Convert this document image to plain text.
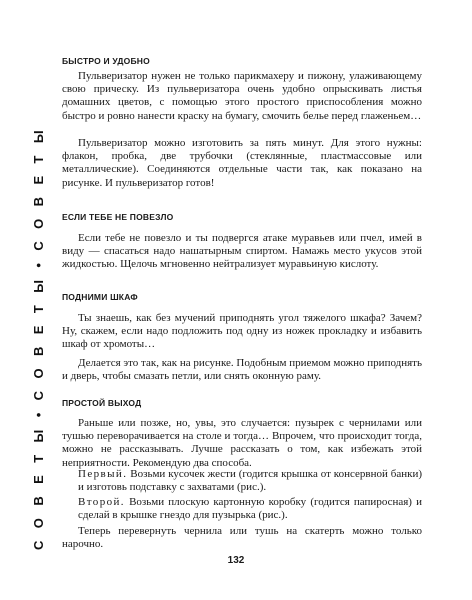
С О В Е Т Ы • С О В Е Т Ы • С О В Е Т Ы
БЫСТРО И УДОБНО

Пульверизатор нужен не только парикмахеру и пижону, улаживающему свою прическу. Из пульверизатора очень удобно опрыскивать листья домашних цветов, с помощью этого простого приспособления можно быстро и ровно нанести краску на бумагу, смочить белье перед глаженьем…

Пульверизатор можно изготовить за пять минут. Для этого нужны: флакон, пробка, две трубочки (стеклянные, пластмассовые или металлические). Соединяются отдельные части так, как показано на рисунке. И пульверизатор готов!

ЕСЛИ ТЕБЕ НЕ ПОВЕЗЛО

Если тебе не повезло и ты подвергся атаке муравьев или пчел, имей в виду — спасаться надо нашатырным спиртом. Намажь место укусов этой жидкостью. Щелочь мгновенно нейтрализует муравьиную кислоту.

ПОДНИМИ ШКАФ

Ты знаешь, как без мучений приподнять угол тяжелого шкафа? Зачем? Ну, скажем, если надо подложить под одну из ножек прокладку и избавить шкаф от хромоты…

Делается это так, как на рисунке. Подобным приемом можно приподнять и дверь, чтобы смазать петли, или снять оконную раму.

ПРОСТОЙ ВЫХОД

Раньше или позже, но, увы, это случается: пузырек с чернилами или тушью переворачивается на столе и тогда… Впрочем, что происходит тогда, можно не рассказывать. Лучше рассказать о том, как избежать этой неприятности. Рекомендую два способа.

Первый. Возьми кусочек жести (годится крышка от консервной банки) и изготовь подставку с захватами (рис.).

Второй. Возьми плоскую картонную коробку (годится папиросная) и сделай в крышке гнездо для пузырька (рис.).

Теперь перевернуть чернила или тушь на скатерть можно только нарочно.

132
